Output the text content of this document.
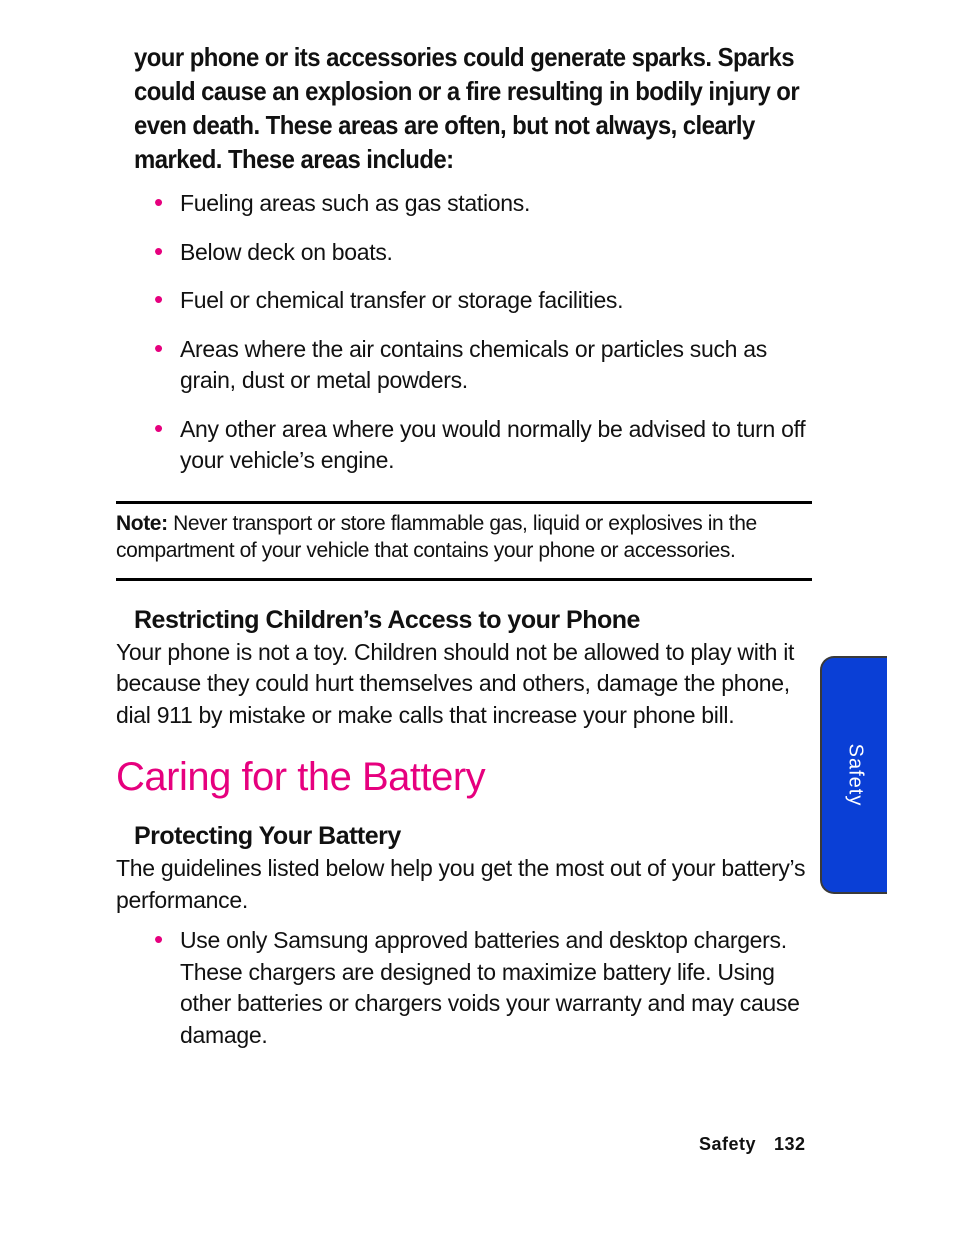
your phone or its accessories could generate sparks. Sparks could cause an explosion or a fire resulting in bodily injury or even death. These areas are often, but not always, clearly marked. These areas include:

• Fueling areas such as gas stations.
• Below deck on boats.
• Fuel or chemical transfer or storage facilities.
• Areas where the air contains chemicals or particles such as grain, dust or metal powders.
• Any other area where you would normally be advised to turn off your vehicle’s engine.
Note: Never transport or store flammable gas, liquid or explosives in the compartment of your vehicle that contains your phone or accessories.
Restricting Children’s Access to your Phone

Your phone is not a toy. Children should not be allowed to play with it because they could hurt themselves and others, damage the phone, dial 911 by mistake or make calls that increase your phone bill.

Caring for the Battery
Protecting Your Battery

The guidelines listed below help you get the most out of your battery’s performance.

• Use only Samsung approved batteries and desktop chargers. These chargers are designed to maximize battery life. Using other batteries or chargers voids your warranty and may cause damage.
Safety
Safety 132
